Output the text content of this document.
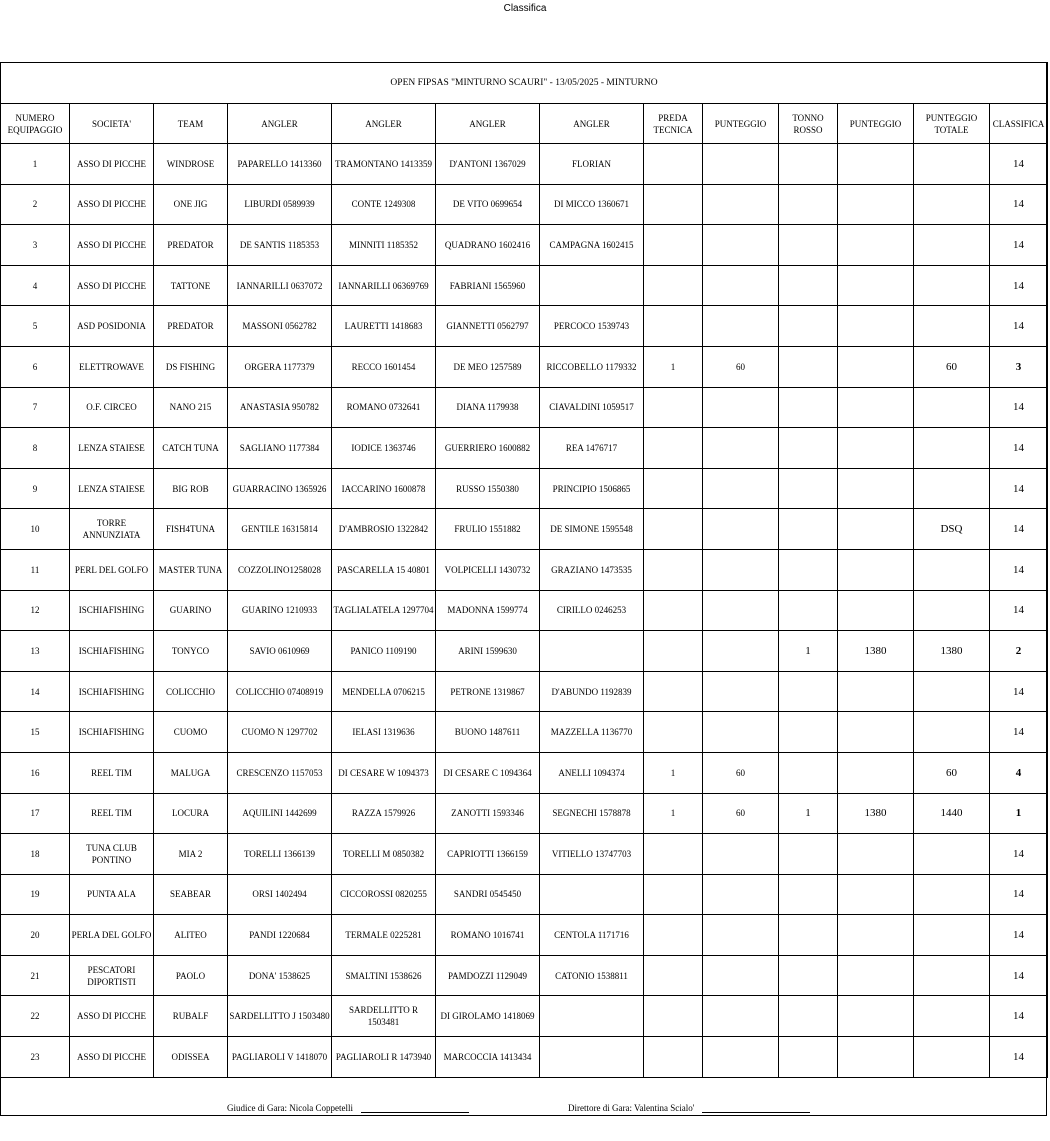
Classifica
OPEN FIPSAS "MINTURNO SCAURI" - 13/05/2025 - MINTURNO												
NUMERO EQUIPAGGIO	SOCIETA'	TEAM	ANGLER	ANGLER	ANGLER	ANGLER	PREDA TECNICA	PUNTEGGIO	TONNO ROSSO	PUNTEGGIO	PUNTEGGIO TOTALE	CLASSIFICA
1	ASSO DI PICCHE	WINDROSE	PAPARELLO 1413360	TRAMONTANO 1413359	D'ANTONI 1367029	FLORIAN						14
2	ASSO DI PICCHE	ONE JIG	LIBURDI 0589939	CONTE 1249308	DE VITO 0699654	DI MICCO 1360671						14
3	ASSO DI PICCHE	PREDATOR	DE SANTIS 1185353	MINNITI 1185352	QUADRANO 1602416	CAMPAGNA 1602415						14
4	ASSO DI PICCHE	TATTONE	IANNARILLI 0637072	IANNARILLI 06369769	FABRIANI 1565960							14
5	ASD POSIDONIA	PREDATOR	MASSONI 0562782	LAURETTI 1418683	GIANNETTI 0562797	PERCOCO 1539743						14
6	ELETTROWAVE	DS FISHING	ORGERA 1177379	RECCO 1601454	DE MEO 1257589	RICCOBELLO 1179332	1	60			60	3
7	O.F. CIRCEO	NANO 215	ANASTASIA 950782	ROMANO 0732641	DIANA 1179938	CIAVALDINI 1059517						14
8	LENZA STAIESE	CATCH TUNA	SAGLIANO 1177384	IODICE 1363746	GUERRIERO 1600882	REA 1476717						14
9	LENZA STAIESE	BIG ROB	GUARRACINO 1365926	IACCARINO 1600878	RUSSO 1550380	PRINCIPIO 1506865						14
10	TORRE ANNUNZIATA	FISH4TUNA	GENTILE 16315814	D'AMBROSIO 1322842	FRULIO 1551882	DE SIMONE 1595548					DSQ	14
11	PERL DEL GOLFO	MASTER TUNA	COZZOLINO1258028	PASCARELLA 15 40801	VOLPICELLI 1430732	GRAZIANO 1473535						14
12	ISCHIAFISHING	GUARINO	GUARINO 1210933	TAGLIALATELA 1297704	MADONNA 1599774	CIRILLO 0246253						14
13	ISCHIAFISHING	TONYCO	SAVIO 0610969	PANICO 1109190	ARINI 1599630				1	1380	1380	2
14	ISCHIAFISHING	COLICCHIO	COLICCHIO 07408919	MENDELLA 0706215	PETRONE 1319867	D'ABUNDO 1192839						14
15	ISCHIAFISHING	CUOMO	CUOMO N 1297702	IELASI 1319636	BUONO 1487611	MAZZELLA 1136770						14
16	REEL TIM	MALUGA	CRESCENZO 1157053	DI CESARE W 1094373	DI CESARE C 1094364	ANELLI 1094374	1	60			60	4
17	REEL TIM	LOCURA	AQUILINI 1442699	RAZZA 1579926	ZANOTTI 1593346	SEGNECHI 1578878	1	60	1	1380	1440	1
18	TUNA CLUB PONTINO	MIA 2	TORELLI 1366139	TORELLI M 0850382	CAPRIOTTI 1366159	VITIELLO 13747703						14
19	PUNTA ALA	SEABEAR	ORSI 1402494	CICCOROSSI 0820255	SANDRI 0545450							14
20	PERLA DEL GOLFO	ALITEO	PANDI 1220684	TERMALE 0225281	ROMANO 1016741	CENTOLA 1171716						14
21	PESCATORI DIPORTISTI	PAOLO	DONA' 1538625	SMALTINI 1538626	PAMDOZZI 1129049	CATONIO 1538811						14
22	ASSO DI PICCHE	RUBALF	SARDELLITTO J 1503480	SARDELLITTO R 1503481	DI GIROLAMO 1418069							14
23	ASSO DI PICCHE	ODISSEA	PAGLIAROLI V 1418070	PAGLIAROLI R 1473940	MARCOCCIA 1413434							14
Giudice di Gara: Nicola Coppetelli	Direttore di Gara: Valentina Scialo'
